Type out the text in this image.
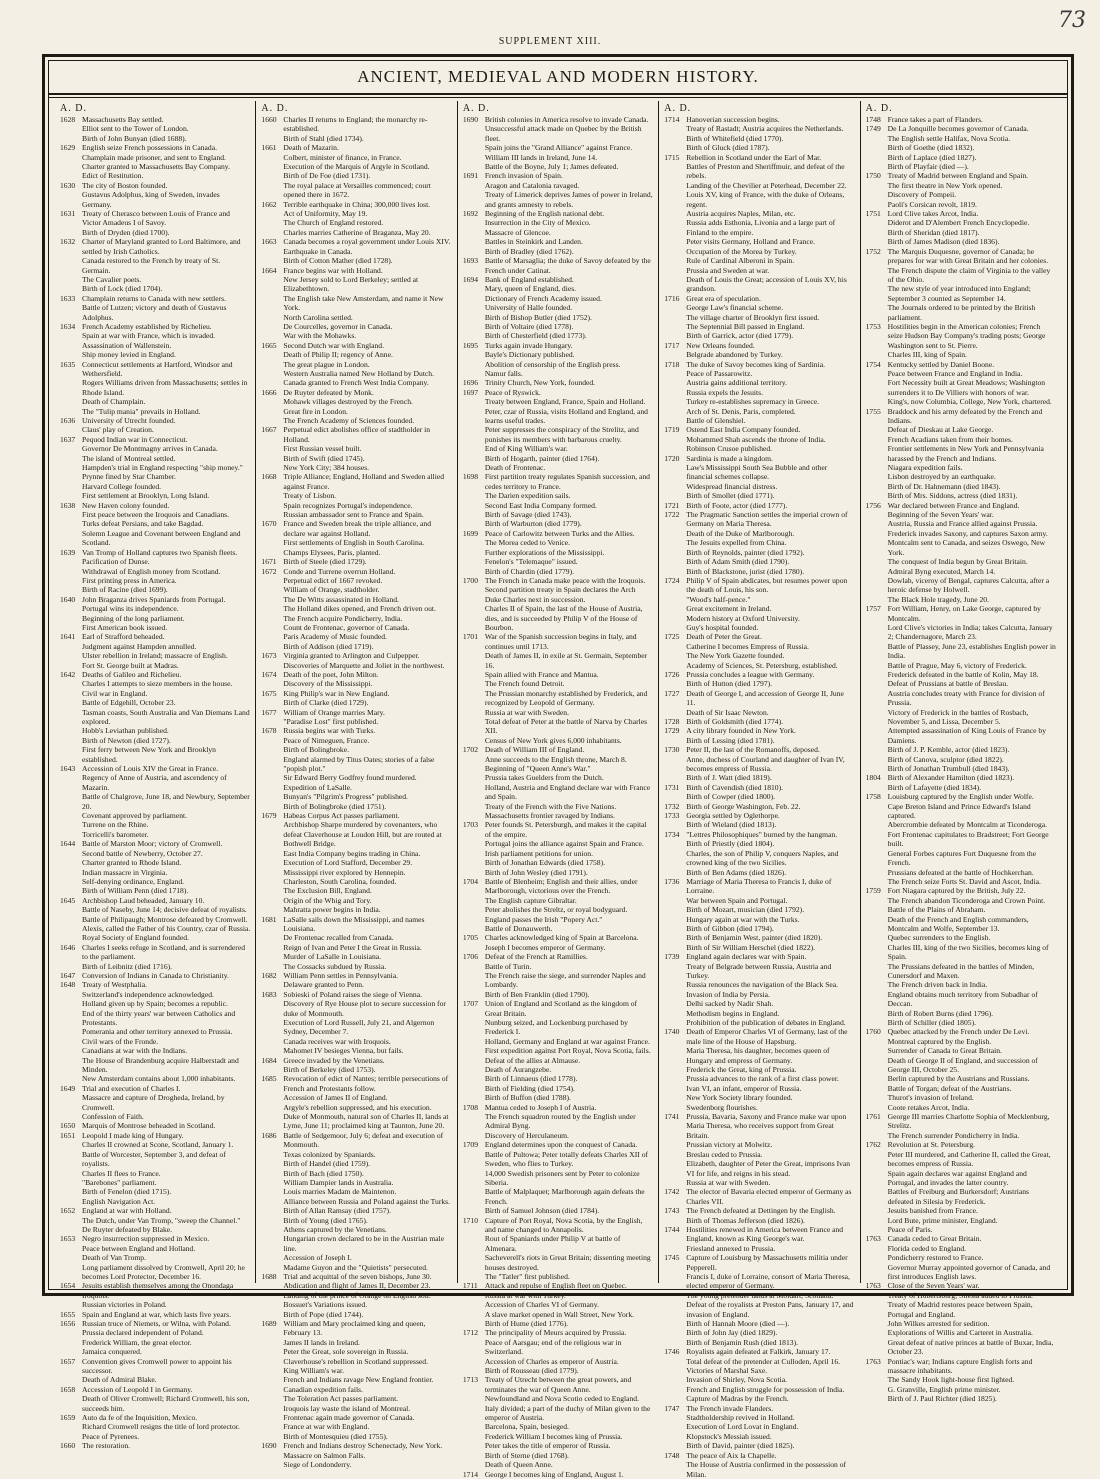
73
SUPPLEMENT XIII.
ANCIENT, MEDIEVAL AND MODERN HISTORY.
A. D.
1628 Massachusetts Bay settled.
Elliot sent to the Tower of London.
Birth of John Bunyan (died 1688).
1629 English seize French possessions in Canada.
Champlain made prisoner, and sent to England.
Charter granted to Massachusetts Bay Company.
Edict of Restitution.
1630 The city of Boston founded.
Gustavus Adolphus, king of Sweden, invades Germany.
1631 Treaty of Cherasco between Louis of France and Victor Amadeus I of Savoy.
Birth of Dryden (died 1700).
1632 Charter of Maryland granted to Lord Baltimore, and settled by Irish Catholics.
Canada restored to the French by treaty of St. Germain.
The Cavalier poets.
Birth of Lock (died 1704).
1633 Champlain returns to Canada with new settlers.
Battle of Lutzen; victory and death of Gustavus Adolphus.
1634 French Academy established by Richelieu.
Spain at war with France, which is invaded.
Assassination of Wallenstein.
Ship money levied in England.
1635 Connecticut settlements at Hartford, Windsor and Wethersfield.
Rogers Williams driven from Massachusetts; settles in Rhode Island.
Death of Champlain.
The "Tulip mania" prevails in Holland.
1636 University of Utrecht founded.
Claus' play of Creation.
1637 Pequod Indian war in Connecticut.
Governor De Montmagny arrives in Canada.
The island of Montreal settled.
Hampden's trial in England respecting "ship money."
Prynne fined by Star Chamber.
Harvard College founded.
First settlement at Brooklyn, Long Island.
1638 New Haven colony founded.
First peace between the Iroquois and Canadians.
Turks defeat Persians, and take Bagdad.
Solemn League and Covenant between England and Scotland.
1639 Van Tromp of Holland captures two Spanish fleets.
Pacification of Dunse.
Withdrawal of English money from Scotland.
First printing press in America.
Birth of Racine (died 1699).
1640 John Braganza drives Spaniards from Portugal.
Portugal wins its independence.
Beginning of the long parliament.
First American book issued.
1641 Earl of Strafford beheaded.
Judgment against Hampden annulled.
Ulster rebellion in Ireland; massacre of English.
Fort St. George built at Madras.
1642 Deaths of Galileo and Richelieu.
Charles I attempts to sieze members in the house.
Civil war in England.
Battle of Edgehill, October 23.
Tasman coasts, South Australia and Van Diemans Land explored.
Hobb's Leviathan published.
Birth of Newton (died 1727).
First ferry between New York and Brooklyn established.
1643 Accession of Louis XIV the Great in France.
Regency of Anne of Austria, and ascendency of Mazarin.
Battle of Chalgrove, June 18, and Newbury, September 20.
Covenant approved by parliament.
Turrene on the Rhine.
Torricelli's barometer.
1644 Battle of Marston Moor; victory of Cromwell.
Second battle of Newberry, October 27.
Charter granted to Rhode Island.
Indian massacre in Virginia.
Self-denying ordinance, England.
Birth of William Penn (died 1718).
1645 Archbishop Laud beheaded, January 10.
Battle of Naseby, June 14; decisive defeat of royalists.
Battle of Philipaugh; Montrose defeated by Cromwell.
Alexis, called the Father of his Country, czar of Russia.
Royal Society of England founded.
1646 Charles I seeks refuge in Scotland, and is surrendered to the parliament.
Birth of Leibnitz (died 1716).
1647 Conversion of Indians in Canada to Christianity.
1648 Treaty of Westphalia.
Switzerland's independence acknowledged.
Holland given up by Spain; becomes a republic.
End of the thirty years' war between Catholics and Protestants.
Pomerania and other territory annexed to Prussia.
Civil wars of the Fronde.
Canadians at war with the Indians.
The House of Brandenburg acquire Halberstadt and Minden.
New Amsterdam contains about 1,000 inhabitants.
1649 Trial and execution of Charles I.
Massacre and capture of Drogheda, Ireland, by Cromwell.
Confession of Faith.
1650 Marquis of Montrose beheaded in Scotland.
1651 Leopold I made king of Hungary.
Charles II crowned at Scone, Scotland, January 1.
Battle of Worcester, September 3, and defeat of royalists.
Charles II flees to France.
"Barebones" parliament.
Birth of Fenelon (died 1715).
English Navigation Act.
1652 England at war with Holland.
The Dutch, under Van Tromp, "sweep the Channel."
De Ruyter defeated by Blake.
1653 Negro insurrection suppressed in Mexico.
Peace between England and Holland.
Death of Van Tromp.
Long parliament dissolved by Cromwell, April 20; he becomes Lord Protector, December 16.
1654 Jesuits establish themselves among the Onondaga Iroquois.
Russian victories in Poland.
1655 Spain and England at war, which lasts five years.
1656 Russian truce of Niemets, or Wilna, with Poland.
Prussia declared independent of Poland.
Frederick William, the great elector.
Jamaica conquered.
1657 Convention gives Cromwell power to appoint his successor.
Death of Admiral Blake.
1658 Accession of Leopold I in Germany.
Death of Oliver Cromwell; Richard Cromwell, his son, succeeds him.
1659 Auto da fe of the Inquisition, Mexico.
Richard Cromwell resigns the title of lord protector.
Peace of Pyrenees.
1660 The restoration.
A. D.
1660 Charles II returns to England; the monarchy re-established.
Birth of Stahl (died 1734).
1661 Death of Mazarin.
Colbert, minister of finance, in France.
Execution of the Marquis of Argyle in Scotland.
Birth of De Foe (died 1731).
The royal palace at Versailles commenced; court opened there in 1672.
1662 Terrible earthquake in China; 300,000 lives lost.
Act of Uniformity, May 19.
The Church of England restored.
Charles marries Catherine of Braganza, May 20.
1663 Canada becomes a royal government under Louis XIV.
Earthquake in Canada.
Birth of Cotton Mather (died 1728).
1664 France begins war with Holland.
New Jersey sold to Lord Berkeley; settled at Elizabethtown.
The English take New Amsterdam, and name it New York.
North Carolina settled.
De Courcelles, governor in Canada.
War with the Mohawks.
1665 Second Dutch war with England.
Death of Philip II; regency of Anne.
The great plague in London.
Western Australia named New Holland by Dutch.
Canada granted to French West India Company.
1666 De Ruyter defeated by Monk.
Mohawk villages destroyed by the French.
Great fire in London.
The French Academy of Sciences founded.
1667 Perpetual edict abolishes office of stadtholder in Holland.
First Russian vessel built.
Birth of Swift (died 1745).
New York City; 384 houses.
1668 Triple Alliance; England, Holland and Sweden allied against France.
Treaty of Lisbon.
Spain recognizes Portugal's independence.
Russian ambassador sent to France and Spain.
1670 France and Sweden break the triple alliance, and declare war against Holland.
First settlements of English in South Carolina.
Champs Elysees, Paris, planted.
1671 Birth of Steele (died 1729).
1672 Conde and Turrene overrun Holland.
Perpetual edict of 1667 revoked.
William of Orange, stadtholder.
The De Witts assassinated in Holland.
The Holland dikes opened, and French driven out.
The French acquire Pondicherry, India.
Count de Frontenac, governor of Canada.
Paris Academy of Music founded.
Birth of Addison (died 1719).
1673 Virginia granted to Arlington and Culpepper.
Discoveries of Marquette and Joliet in the northwest.
1674 Death of the poet, John Milton.
Discovery of the Mississippi.
1675 King Philip's war in New England.
Birth of Clarke (died 1729).
1677 William of Orange marries Mary.
"Paradise Lost" first published.
1678 Russia begins war with Turks.
Peace of Nimeguen, France.
Birth of Bolingbroke.
England alarmed by Titus Oates; stories of a false "popish plot."
Sir Edward Berry Godfrey found murdered.
Expedition of LaSalle.
Bunyan's "Pilgrim's Progress" published.
Birth of Bolingbroke (died 1751).
1679 Habeas Corpus Act passes parliament.
Archbishop Sharpe murdered by covenanters, who defeat Claverhouse at Loudon Hill, but are routed at Bothwell Bridge.
East India Company begins trading in China.
Execution of Lord Stafford, December 29.
Mississippi river explored by Hennepin.
Charleston, South Carolina, founded.
The Exclusion Bill, England.
Origin of the Whig and Tory.
Mahratta power begins in India.
1681 LaSalle sails down the Mississippi, and names Louisiana.
De Frontenac recalled from Canada.
Reign of Ivan and Peter I the Great in Russia.
Murder of LaSalle in Louisiana.
The Cossacks subdued by Russia.
1682 William Penn settles in Pennsylvania.
Delaware granted to Penn.
1683 Sobieski of Poland raises the siege of Vienna.
Discovery of Rye House plot to secure succession for duke of Monmouth.
Execution of Lord Russell, July 21, and Algernon Sydney, December 7.
Canada receives war with Iroquois.
Mahomet IV besieges Vienna, but fails.
1684 Greece invaded by the Venetians.
Birth of Berkeley (died 1753).
1685 Revocation of edict of Nantes; terrible persecutions of French and Protestants follow.
Accession of James II of England.
Argyle's rebellion suppressed, and his execution.
Duke of Monmouth, natural son of Charles II, lands at Lyme, June 11; proclaimed king at Taunton, June 20.
1686 Battle of Sedgemoor, July 6; defeat and execution of Monmouth.
Texas colonized by Spaniards.
Birth of Handel (died 1759).
Birth of Bach (died 1750).
William Dampier lands in Australia.
Louis marries Madam de Maintenon.
Alliance between Russia and Poland against the Turks.
Birth of Allan Ramsay (died 1757).
Birth of Young (died 1765).
Athens captured by the Venetians.
Hungarian crown declared to be in the Austrian male line.
Accession of Joseph I.
Madame Guyon and the "Quietists" persecuted.
1688 Trial and acquittal of the seven bishops, June 30.
Abdication and flight of James II, December 23.
Landing of the prince of Orange on English soil.
Bossuet's Variations issued.
Birth of Pope (died 1744).
1689 William and Mary proclaimed king and queen, February 13.
James II lands in Ireland.
Peter the Great, sole sovereign in Russia.
Claverhouse's rebellion in Scotland suppressed.
King William's war.
French and Indians ravage New England frontier.
Canadian expedition fails.
The Toleration Act passes parliament.
Iroquois lay waste the island of Montreal.
Frontenac again made governor of Canada.
France at war with England.
Birth of Montesquieu (died 1755).
1690 French and Indians destroy Schenectady, New York.
Massacre on Salmon Falls.
Siege of Londonderry.
A. D.
1690 British colonies in America resolve to invade Canada.
Unsuccessful attack made on Quebec by the British fleet.
Spain joins the "Grand Alliance" against France.
William III lands in Ireland, June 14.
Battle of the Boyne, July 1; James defeated.
1691 French invasion of Spain.
Aragon and Catalonia ravaged.
Treaty of Limerick deprives James of power in Ireland, and grants amnesty to rebels.
1692 Beginning of the English national debt.
Insurrection in the City of Mexico.
Massacre of Glencoe.
Battles in Steinkirk and Landen.
Birth of Bradley (died 1762).
1693 Battle of Marsaglia; the duke of Savoy defeated by the French under Catinat.
1694 Bank of England established.
Mary, queen of England, dies.
Dictionary of French Academy issued.
University of Halle founded.
Birth of Bishop Butler (died 1752).
Birth of Voltaire (died 1778).
Birth of Chesterfield (died 1773).
1695 Turks again invade Hungary.
Bayle's Dictionary published.
Abolition of censorship of the English press.
Namur falls.
1696 Trinity Church, New York, founded.
1697 Peace of Ryswick.
Treaty between England, France, Spain and Holland.
Peter, czar of Russia, visits Holland and England, and learns useful trades.
Peter suppresses the conspiracy of the Strelitz, and punishes its members with barbarous cruelty.
End of King William's war.
Birth of Hogarth, painter (died 1764).
Death of Frontenac.
1698 First partition treaty regulates Spanish succession, and cedes territory to France.
The Darien expedition sails.
Second East India Company formed.
Birth of Savage (died 1743).
Birth of Warburton (died 1779).
1699 Peace of Carlowitz between Turks and the Allies.
The Morea ceded to Venice.
Further explorations of the Mississippi.
Fenelon's "Telemaque" issued.
Birth of Chardin (died 1779).
1700 The French in Canada make peace with the Iroquois.
Second partition treaty in Spain declares the Arch Duke Charles next in succession.
Charles II of Spain, the last of the House of Austria, dies, and is succeeded by Philip V of the House of Bourbon.
1701 War of the Spanish succession begins in Italy, and continues until 1713.
Death of James II, in exile at St. Germain, September 16.
Spain allied with France and Mantua.
The French found Detroit.
The Prussian monarchy established by Frederick, and recognized by Leopold of Germany.
Russia at war with Sweden.
Total defeat of Peter at the battle of Narva by Charles XII.
Census of New York gives 6,000 inhabitants.
1702 Death of William III of England.
Anne succeeds to the English throne, March 8.
Beginning of "Queen Anne's War."
Prussia takes Guelders from the Dutch.
Holland, Austria and England declare war with France and Spain.
Treaty of the French with the Five Nations.
Massachusetts frontier ravaged by Indians.
1703 Peter founds St. Petersburgh, and makes it the capital of the empire.
Portugal joins the alliance against Spain and France.
Irish parliament petitions for union.
Birth of Jonathan Edwards (died 1758).
Birth of John Wesley (died 1791).
1704 Battle of Blenheim; English and their allies, under Marlborough, victorious over the French.
The English capture Gibraltar.
Peter abolishes the Streltz, or royal bodyguard.
England passes the Irish "Popery Act."
Battle of Donauwerth.
1705 Charles acknowledged king of Spain at Barcelona.
Joseph I becomes emperor of Germany.
1706 Defeat of the French at Ramillies.
Battle of Turin.
The French raise the siege, and surrender Naples and Lombardy.
Birth of Ben Franklin (died 1790).
1707 Union of England and Scotland as the kingdom of Great Britain.
Nunburg seized, and Lockenburg purchased by Frederick I.
Holland, Germany and England at war against France.
First expedition against Port Royal, Nova Scotia, fails.
Defeat of the allies at Almause.
Death of Aurangzebe.
Birth of Linnaeus (died 1778).
Birth of Fielding (died 1754).
Birth of Buffon (died 1788).
1708 Mantua ceded to Joseph I of Austria.
The French squadron routed by the English under Admiral Byng.
Discovery of Herculaneum.
1709 England determines upon the conquest of Canada.
Battle of Pultowa; Peter totally defeats Charles XII of Sweden, who flies to Turkey.
14,000 Swedish prisoners sent by Peter to colonize Siberia.
Battle of Malplaquet; Marlborough again defeats the French.
Birth of Samuel Johnson (died 1784).
1710 Capture of Port Royal, Nova Scotia, by the English, and name changed to Annapolis.
Rout of Spaniards under Philip V at battle of Almenara.
Sacheverell's riots in Great Britain; dissenting meeting houses destroyed.
The "Tatler" first published.
1711 Attack and repulse of English fleet on Quebec.
Russia at war with Turkey.
Accession of Charles VI of Germany.
A slave market opened in Wall Street, New York.
Birth of Hume (died 1776).
1712 The principality of Meurs acquired by Prussia.
Peace of Aarsgau; end of the religious war in Switzerland.
Accession of Charles as emperor of Austria.
Birth of Rousseau (died 1779).
1713 Treaty of Utrecht between the great powers, and terminates the war of Queen Anne.
Newfoundland and Nova Scotio ceded to England.
Italy divided; a part of the duchy of Milan given to the emperor of Austria.
Barcelona, Spain, besieged.
Frederick William I becomes king of Prussia.
Peter takes the title of emperor of Russia.
Birth of Sterne (died 1768).
Death of Queen Anne.
1714 George I becomes king of England, August 1.
A. D.
1714 Hanoverian succession begins.
Treaty of Rastadt; Austria acquires the Netherlands.
Birth of Whitefield (died 1770).
Birth of Gluck (died 1787).
1715 Rebellion in Scotland under the Earl of Mar.
Battles of Preston and Sheriffmuir, and defeat of the rebels.
Landing of the Chevilier at Peterhead, December 22.
Louis XV, king of France, with the duke of Orleans, regent.
Austria acquires Naples, Milan, etc.
Russia adds Esthonia, Livonia and a large part of Finland to the empire.
Peter visits Germany, Holland and France.
Occupation of the Morea by Turkey.
Rule of Cardinal Alberoni in Spain.
Prussia and Sweden at war.
Death of Louis the Great; accession of Louis XV, his grandson.
1716 Great era of speculation.
George Law's financial scheme.
The village charter of Brooklyn first issued.
The Septennial Bill passed in England.
Birth of Garrick, actor (died 1779).
1717 New Orleans founded.
Belgrade abandoned by Turkey.
1718 The duke of Savoy becomes king of Sardinia.
Peace of Passarowitz.
Austria gains additional territory.
Russia expels the Jesuits.
Turkey re-establishes supremacy in Greece.
Arch of St. Denis, Paris, completed.
Battle of Glenshiel.
1719 Ostend East India Company founded.
Mohammed Shah ascends the throne of India.
Robinson Crusoe published.
1720 Sardinia is made a kingdom.
Law's Mississippi South Sea Bubble and other financial schemes collapse.
Widespread financial distress.
Birth of Smollet (died 1771).
1721 Birth of Foote, actor (died 1777).
1722 The Pragmatic Sanction settles the imperial crown of Germany on Maria Theresa.
Death of the Duke of Marlborough.
The Jesuits expelled from China.
Birth of Reynolds, painter (died 1792).
Birth of Adam Smith (died 1790).
Birth of Blackstone, jurist (died 1780).
1724 Philip V of Spain abdicates, but resumes power upon the death of Louis, his son.
"Wood's half-pence."
Great excitement in Ireland.
Modern history at Oxford University.
Guy's hospital founded.
1725 Death of Peter the Great.
Catherine I becomes Empress of Russia.
The New York Gazette founded.
Academy of Sciences, St. Petersburg, established.
1726 Prussia concludes a league with Germany.
Birth of Hutton (died 1797).
1727 Death of George I, and accession of George II, June 11.
Death of Sir Isaac Newton.
1728 Birth of Goldsmith (died 1774).
1729 A city library founded in New York.
Birth of Lessing (died 1781).
1730 Peter II, the last of the Romanoffs, deposed.
Anne, duchess of Courland and daughter of Ivan IV, becomes empress of Russia.
Birth of J. Watt (died 1819).
1731 Birth of Cavendish (died 1810).
Birth of Cowper (died 1800).
1732 Birth of George Washington, Feb. 22.
1733 Georgia settled by Oglethorpe.
Birth of Wieland (died 1813).
1734 "Lettres Philosophiques" burned by the hangman.
Birth of Priestly (died 1804).
Charles, the son of Philip V, conquers Naples, and crowned king of the two Sicilies.
Birth of Ben Adams (died 1826).
1736 Marriage of Maria Theresa to Francis I, duke of Lorraine.
War between Spain and Portugal.
Birth of Mozart, musician (died 1792).
Hungary again at war with the Turks.
Birth of Gibbon (died 1794).
Birth of Benjamin West, painter (died 1820).
Birth of Sir William Herschel (died 1822).
1739 England again declares war with Spain.
Treaty of Belgrade between Russia, Austria and Turkey.
Russia renounces the navigation of the Black Sea.
Invasion of India by Persia.
Delhi sacked by Nadir Shah.
Methodism begins in England.
Prohibition of the publication of debates in England.
1740 Death of Emperor Charles VI of Germany, last of the male line of the House of Hapsburg.
Maria Theresa, his daughter, becomes queen of Hungary and empress of Germany.
Frederick the Great, king of Prussia.
Prussia advances to the rank of a first class power.
Ivan VI, an infant, emperor of Russia.
New York Society library founded.
Swedenborg flourishes.
1741 Prussia, Bavaria, Saxony and France make war upon Maria Theresa, who receives support from Great Britain.
Prussian victory at Molwitz.
Breslau ceded to Prussia.
Elizabeth, daughter of Peter the Great, imprisons Ivan VI for life, and reigns in his stead.
Russia at war with Sweden.
1742 The elector of Bavaria elected emperor of Germany as Charles VII.
1743 The French defeated at Dettingen by the English.
Birth of Thomas Jefferson (died 1826).
1744 Hostilities renewed in America between France and England, known as King George's war.
Friesland annexed to Prussia.
1745 Capture of Louisburg by Massachusetts militia under Pepperell.
Francis I, duke of Lorraine, consort of Maria Theresa, elected emperor of Germany.
The young pretender lands at Moidart, Scotland.
Defeat of the royalists at Preston Pans, January 17, and invasion of England.
Birth of Hannah Moore (died —).
Birth of John Jay (died 1829).
Birth of Benjamin Rush (died 1813).
1746 Royalists again defeated at Falkirk, January 17.
Total defeat of the pretender at Culloden, April 16.
Victories of Marshal Saxe.
Invasion of Shirley, Nova Scotia.
French and English struggle for possession of India.
Capture of Madras by the French.
1747 The French invade Flanders.
Stadtholdership revived in Holland.
Execution of Lord Lovat in England.
Klopstock's Messiah issued.
Birth of David, painter (died 1825).
1748 The peace of Aix la Chapelle.
The House of Austria confirmed in the possession of Milan.
A. D.
1748 France takes a part of Flanders.
1749 De La Jonquille becomes governor of Canada.
The English settle Halifax, Nova Scotia.
Birth of Goethe (died 1832).
Birth of Laplace (died 1827).
Birth of Playfair (died —).
1750 Treaty of Madrid between England and Spain.
The first theatre in New York opened.
Discovery of Pompeii.
Paoli's Corsican revolt, 1819.
1751 Lord Clive takes Arcot, India.
Diderot and D'Alembert French Encyclopedie.
Birth of Sheridan (died 1817).
Birth of James Madison (died 1836).
1752 The Marquis Duquesne, governor of Canada; he prepares for war with Great Britain and her colonies.
The French dispute the claim of Virginia to the valley of the Ohio.
The new style of year introduced into England; September 3 counted as September 14.
The Journals ordered to be printed by the British parliament.
1753 Hostilities begin in the American colonies; French seize Hudson Bay Company's trading posts; George Washington sent to St. Pierre.
Charles III, king of Spain.
1754 Kentucky settled by Daniel Boone.
Peace between France and England in India.
Fort Necessity built at Great Meadows; Washington surrenders it to De Villiers with honors of war.
King's, now Columbia, College, New York, chartered.
1755 Braddock and his army defeated by the French and Indians.
Defeat of Dieskau at Lake George.
French Acadians taken from their homes.
Frontier settlements in New York and Pennsylvania harassed by the French and Indians.
Niagara expedition fails.
Lisbon destroyed by an earthquake.
Birth of Dr. Hahnemann (died 1843).
Birth of Mrs. Siddons, actress (died 1831).
1756 War declared between France and England.
Beginning of the Seven Years' war.
Austria, Russia and France allied against Prussia.
Frederick invades Saxony, and captures Saxon army.
Montcalm sent to Canada, and seizes Oswego, New York.
The conquest of India begun by Great Britain.
Admiral Byng executed, March 14.
Dowlah, viceroy of Bengal, captures Calcutta, after a heroic defense by Holwell.
The Black Hole tragedy, June 20.
1757 Fort William, Henry, on Lake George, captured by Montcalm.
Lord Clive's victories in India; takes Calcutta, January 2; Chandernagore, March 23.
Battle of Plassey, June 23, establishes English power in India.
Battle of Prague, May 6, victory of Frederick.
Frederick defeated in the battle of Kolin, May 18.
Defeat of Prussians at battle of Breslau.
Austria concludes treaty with France for division of Prussia.
Victory of Frederick in the battles of Rosbach, November 5, and Lissa, December 5.
Attempted assassination of King Louis of France by Damiens.
Birth of J. P. Kemble, actor (died 1823).
Birth of Canova, sculptor (died 1822).
Birth of Jonathan Trumbull (died 1843).
1804 Birth of Alexander Hamilton (died 1823).
Birth of Lafayette (died 1834).
1758 Louisburg captured by the English under Wolfe.
Cape Breton Island and Prince Edward's Island captured.
Abercrombie defeated by Montcalm at Ticonderoga.
Fort Frontenac capitulates to Bradstreet; Fort George built.
General Forbes captures Fort Duquesne from the French.
Prussians defeated at the battle of Hochkerchan.
The French seize Forts St. David and Ascot, India.
1759 Fort Niagara captured by the British, July 22.
The French abandon Ticonderoga and Crown Point.
Battle of the Plains of Abraham.
Death of the French and English commanders, Montcalm and Wolfe, September 13.
Quebec surrenders to the English.
Charles III, king of the two Sicilies, becomes king of Spain.
The Prussians defeated in the battles of Minden, Cunersdorf and Maxen.
The French driven back in India.
England obtains much territory from Subadhar of Deccan.
Birth of Robert Burns (died 1796).
Birth of Schiller (died 1805).
1760 Quebec attacked by the French under De Levi.
Montreal captured by the English.
Surrender of Canada to Great Britain.
Death of George II of England, and succession of George III, October 25.
Berlin captured by the Austrians and Russians.
Battle of Torgan; defeat of the Austrians.
Thurot's invasion of Ireland.
Coote retakes Arcot, India.
1761 George III marries Charlotte Sophia of Mecklenburg, Strelitz.
The French surrender Pondicherry in India.
1762 Revolution at St. Petersburg.
Peter III murdered, and Catherine II, called the Great, becomes empress of Russia.
Spain again declares war against England and Portugal, and invades the latter country.
Battles of Freiburg and Burkersdorf; Austrians defeated in Silesia by Frederick.
Jesuits banished from France.
Lord Bute, prime minister, England.
Peace of Paris.
1763 Canada ceded to Great Britain.
Florida ceded to England.
Pondicherry restored to France.
Governor Murray appointed governor of Canada, and first introduces English laws.
1763 Close of the Seven Years' war.
Treaty of Hubertsburg; Silesia added to Prussia.
Treaty of Madrid restores peace between Spain, Portugal and England.
John Wilkes arrested for sedition.
Explorations of Willis and Carteret in Australia.
Great defeat of native princes at battle of Buxar, India, October 23.
1763 Pontiac's war; Indians capture English forts and massacre inhabitants.
The Sandy Hook light-house first lighted.
G. Granville, English prime minister.
Birth of J. Paul Richter (died 1825).
